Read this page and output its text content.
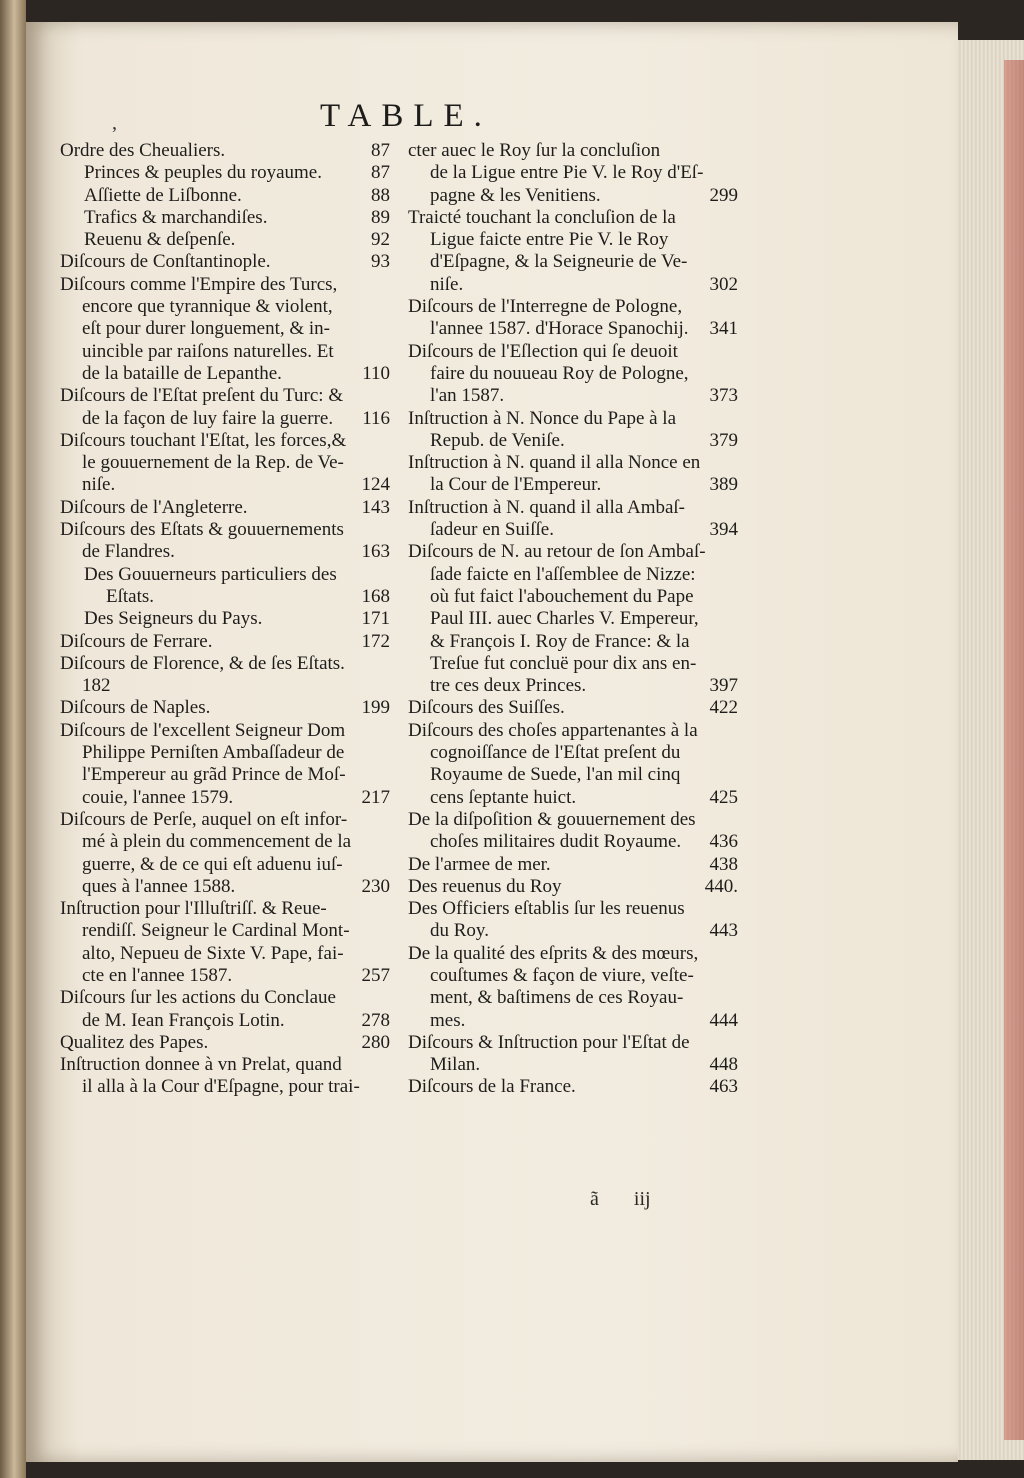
,	TABLE.
Ordre des Cheualiers.	87
Princes & peuples du royaume.	87
Aſſiette de Liſbonne.	88
Trafics & marchandiſes.	89
Reuenu & deſpenſe.	92
Diſcours de Conſtantinople.	93
Diſcours comme l'Empire des Turcs,
encore que tyrannique & violent,
eſt pour durer longuement, & in-
uincible par raiſons naturelles. Et
de la bataille de Lepanthe.	110
Diſcours de l'Eſtat preſent du Turc: &
de la façon de luy faire la guerre. 116
Diſcours touchant l'Eſtat, les forces,&
le gouuernement de la Rep. de Ve-
niſe.	124
Diſcours de l'Angleterre.	143
Diſcours des Eſtats & gouuernements
de Flandres.	163
Des Gouuerneurs particuliers des
Eſtats.	168
Des Seigneurs du Pays.	171
Diſcours de Ferrare.	172
Diſcours de Florence, & de ſes Eſtats.
182
Diſcours de Naples.	199
Diſcours de l'excellent Seigneur Dom
Philippe Perniſten Ambaſſadeur de
l'Empereur au grãd Prince de Moſ-
couie, l'annee 1579.	217
Diſcours de Perſe, auquel on eſt infor-
mé à plein du commencement de la
guerre, & de ce qui eſt aduenu iuſ-
ques à l'annee 1588.	230
Inſtruction pour l'Illuſtriſſ. & Reue-
rendiſſ. Seigneur le Cardinal Mont-
alto, Nepueu de Sixte V. Pape, fai-
cte en l'annee 1587.	257
Diſcours ſur les actions du Conclaue
de M. Iean François Lotin.	278
Qualitez des Papes.	280
Inſtruction donnee à vn Prelat, quand
il alla à la Cour d'Eſpagne, pour trai-
cter auec le Roy ſur la concluſion
de la Ligue entre Pie V. le Roy d'Eſ-
pagne & les Venitiens.	299
Traicté touchant la concluſion de la
Ligue faicte entre Pie V. le Roy
d'Eſpagne, & la Seigneurie de Ve-
niſe.	302
Diſcours de l'Interregne de Pologne,
l'annee 1587. d'Horace Spanochij. 341
Diſcours de l'Eſlection qui ſe deuoit
faire du nouueau Roy de Pologne,
l'an 1587.	373
Inſtruction à N. Nonce du Pape à la
Repub. de Veniſe.	379
Inſtruction à N. quand il alla Nonce en
la Cour de l'Empereur.	389
Inſtruction à N. quand il alla Ambaſ-
ſadeur en Suiſſe.	394
Diſcours de N. au retour de ſon Ambaſ-
ſade faicte en l'aſſemblee de Nizze:
où fut faict l'abouchement du Pape
Paul III. auec Charles V. Empereur,
& François I. Roy de France: & la
Treſue fut concluë pour dix ans en-
tre ces deux Princes.	397
Diſcours des Suiſſes.	422
Diſcours des choſes appartenantes à la
cognoiſſance de l'Eſtat preſent du
Royaume de Suede, l'an mil cinq
cens ſeptante huict.	425
De la diſpoſition & gouuernement des
choſes militaires dudit Royaume. 436
De l'armee de mer.	438
Des reuenus du Roy	440.
Des Officiers eſtablis ſur les reuenus
du Roy.	443
De la qualité des eſprits & des mœurs,
couſtumes & façon de viure, veſte-
ment, & baſtimens de ces Royau-
mes.	444
Diſcours & Inſtruction pour l'Eſtat de
Milan.	448
Diſcours de la France.	463
ã iij
